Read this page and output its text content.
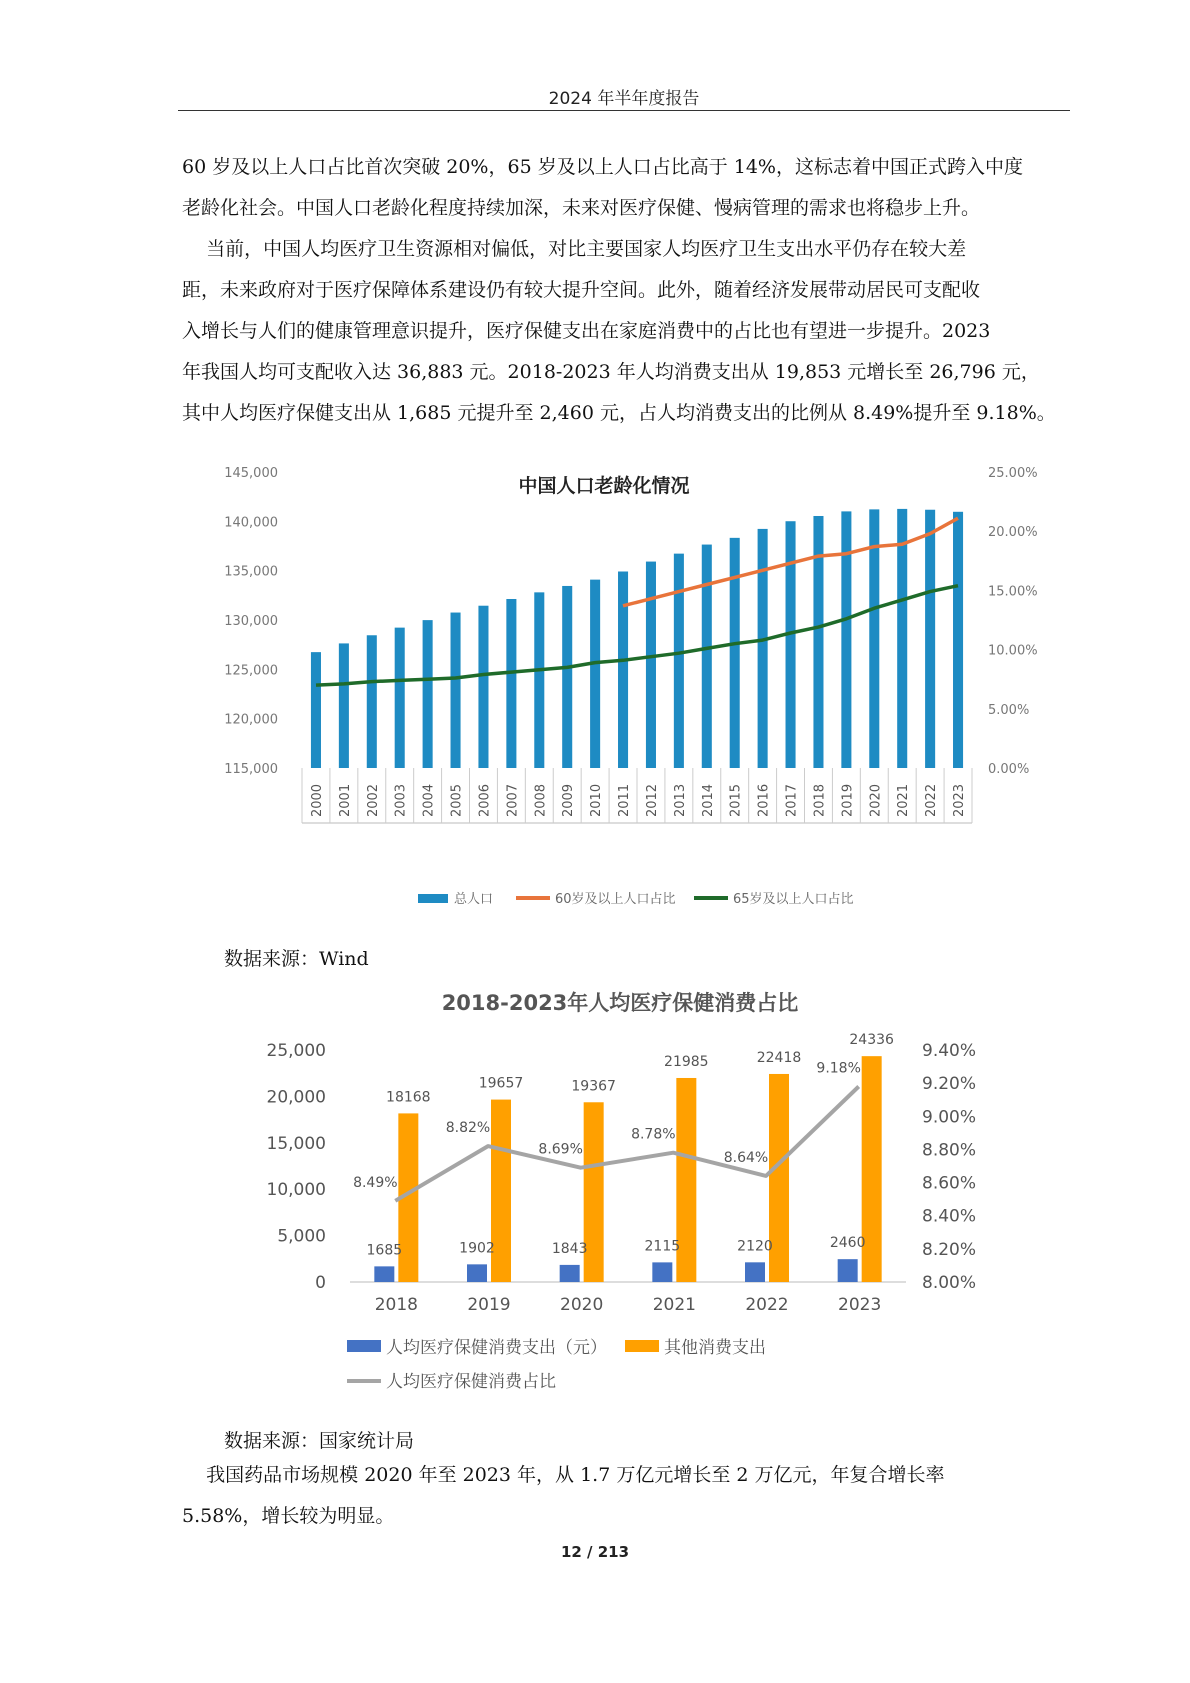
2024 年半年度报告

60 岁及以上人口占比首次突破 20%，65 岁及以上人口占比高于 14%，这标志着中国正式跨入中度
老龄化社会。中国人口老龄化程度持续加深，未来对医疗保健、慢病管理的需求也将稳步上升。

当前，中国人均医疗卫生资源相对偏低，对比主要国家人均医疗卫生支出水平仍存在较大差
距，未来政府对于医疗保障体系建设仍有较大提升空间。此外，随着经济发展带动居民可支配收
入增长与人们的健康管理意识提升，医疗保健支出在家庭消费中的占比也有望进一步提升。2023
年我国人均可支配收入达 36,883 元。2018-2023 年人均消费支出从 19,853 元增长至 26,796 元，
其中人均医疗保健支出从 1,685 元提升至 2,460 元，占人均消费支出的比例从 8.49%提升至 9.18%。

中国人口老龄化情况
145,000
140,000
135,000
130,000
125,000
120,000
115,000
25.00%
20.00%
15.00%
10.00%
5.00%
0.00%
2000 2001 2002 2003 2004 2005 2006 2007 2008 2009 2010 2011 2012 2013 2014 2015 2016 2017 2018 2019 2020 2021 2022 2023
总人口	60岁及以上人口占比	65岁及以上人口占比
数据来源：Wind
2018-2023年人均医疗保健消费占比
25,000
20,000
15,000
10,000
5,000
0
9.40%
9.20%
9.00%
8.80%
8.60%
8.40%
8.20%
8.00%
1685
18168
1902
19657
1843
19367
2115
21985
2120
22418
2460
24336
8.49%
8.82%
8.69%
8.78%
8.64%
9.18%
2018	2019	2020	2021	2022	2023
人均医疗保健消费支出（元）	其他消费支出
人均医疗保健消费占比
数据来源：国家统计局

我国药品市场规模 2020 年至 2023 年，从 1.7 万亿元增长至 2 万亿元，年复合增长率
5.58%，增长较为明显。

12 / 213
